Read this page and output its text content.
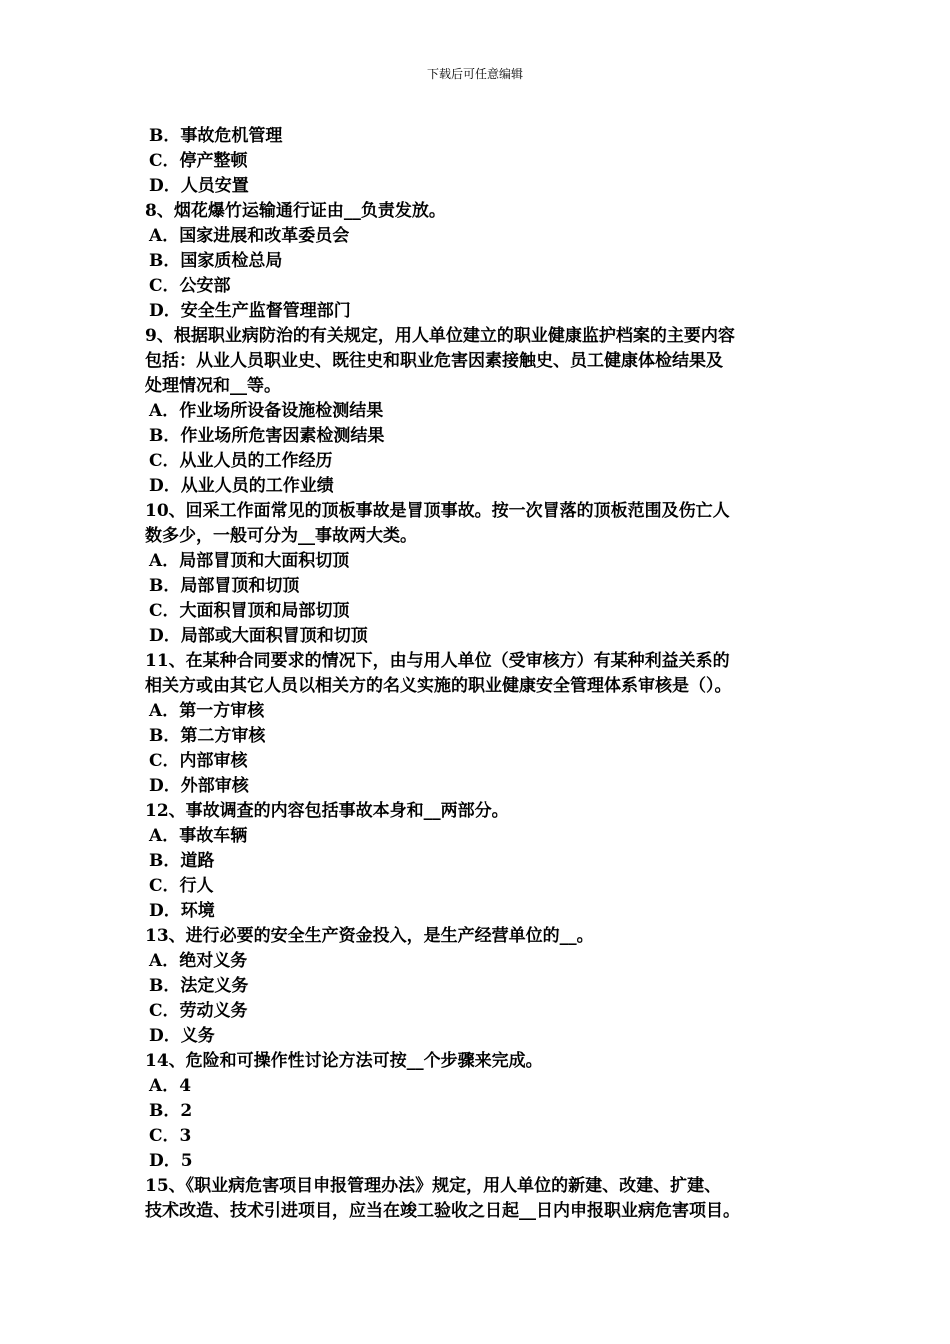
下载后可任意编辑
B．事故危机管理
C．停产整顿
D．人员安置
8、烟花爆竹运输通行证由__负责发放。
A．国家进展和改革委员会
B．国家质检总局
C．公安部
D．安全生产监督管理部门
9、根据职业病防治的有关规定，用人单位建立的职业健康监护档案的主要内容
包括：从业人员职业史、既往史和职业危害因素接触史、员工健康体检结果及
处理情况和__等。
A．作业场所设备设施检测结果
B．作业场所危害因素检测结果
C．从业人员的工作经历
D．从业人员的工作业绩
10、回采工作面常见的顶板事故是冒顶事故。按一次冒落的顶板范围及伤亡人
数多少，一般可分为__事故两大类。
A．局部冒顶和大面积切顶
B．局部冒顶和切顶
C．大面积冒顶和局部切顶
D．局部或大面积冒顶和切顶
11、在某种合同要求的情况下，由与用人单位（受审核方）有某种利益关系的
相关方或由其它人员以相关方的名义实施的职业健康安全管理体系审核是（）。
A．第一方审核
B．第二方审核
C．内部审核
D．外部审核
12、事故调查的内容包括事故本身和__两部分。
A．事故车辆
B．道路
C．行人
D．环境
13、进行必要的安全生产资金投入，是生产经营单位的__。
A．绝对义务
B．法定义务
C．劳动义务
D．义务
14、危险和可操作性讨论方法可按__个步骤来完成。
A．4
B．2
C．3
D．5
15、《职业病危害项目申报管理办法》规定，用人单位的新建、改建、扩建、
技术改造、技术引进项目，应当在竣工验收之日起__日内申报职业病危害项目。
